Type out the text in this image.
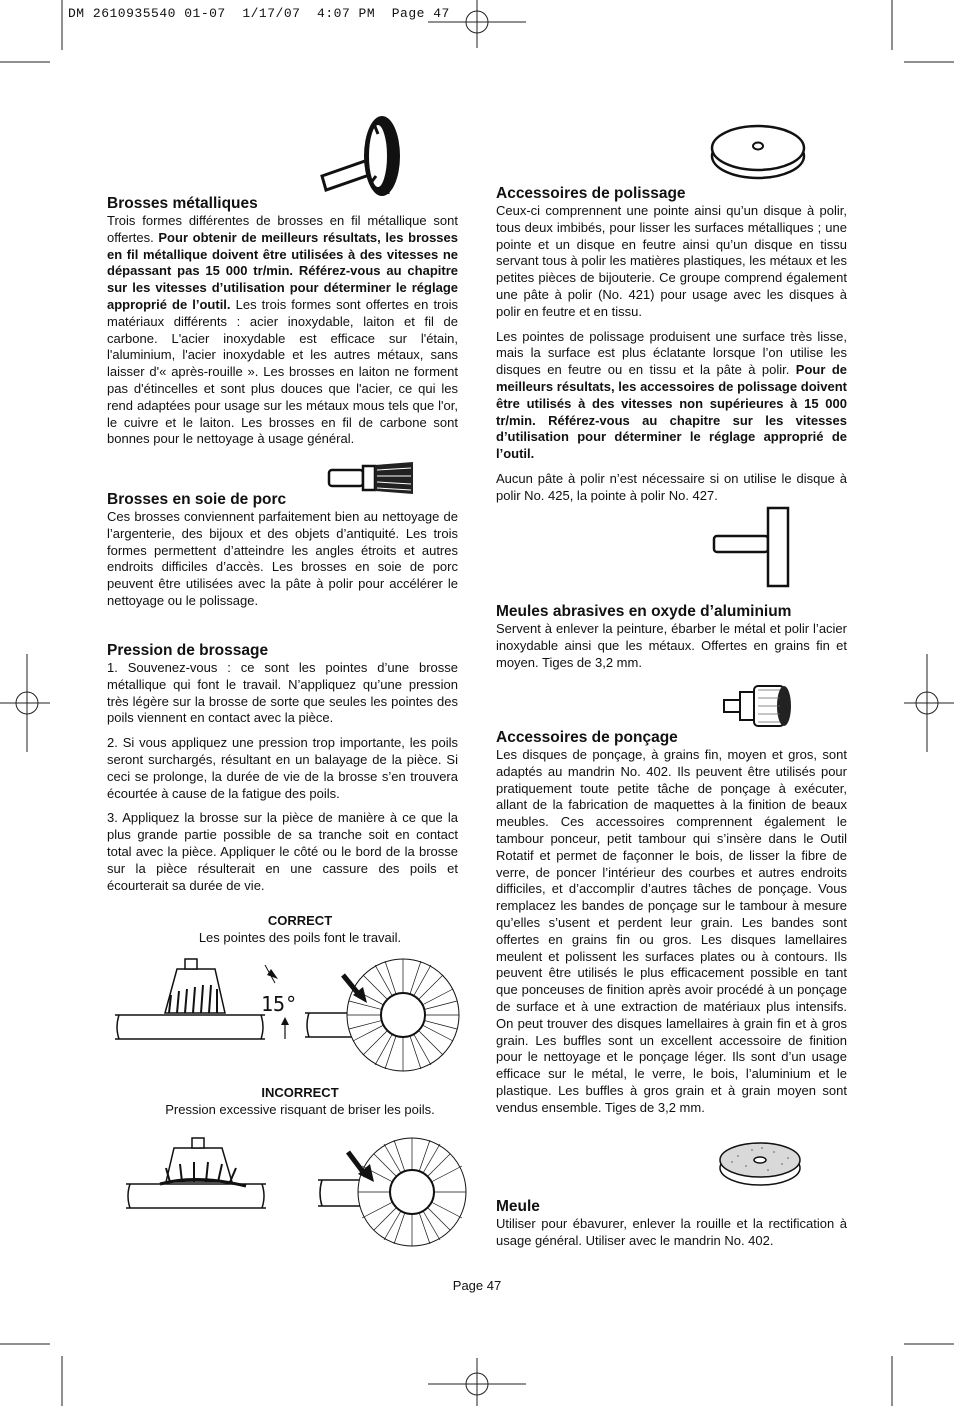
DM 2610935540 01-07  1/17/07  4:07 PM  Page 47
Brosses métalliques

Trois formes différentes de brosses en fil métallique sont offertes. Pour obtenir de meilleurs résultats, les brosses en fil métallique doivent être utilisées à des vitesses ne dépassant pas 15 000 tr/min. Référez-vous au chapitre sur les vitesses d’utilisation pour déterminer le réglage approprié de l’outil. Les trois formes sont offertes en trois matériaux différents : acier inoxydable, laiton et fil de carbone. L'acier inoxydable est efficace sur l'étain, l'aluminium, l'acier inoxydable et les autres métaux, sans laisser d'« après-rouille ». Les brosses en laiton ne forment pas d'étincelles et sont plus douces que l'acier, ce qui les rend adaptées pour usage sur les métaux mous tels que l'or, le cuivre et le laiton. Les brosses en fil de carbone sont bonnes pour le nettoyage à usage général.

Brosses en soie de porc

Ces brosses conviennent parfaitement bien au nettoyage de l’argenterie, des bijoux et des objets d’antiquité. Les trois formes permettent d’atteindre les angles étroits et autres endroits difficiles d’accès. Les brosses en soie de porc peuvent être utilisées avec la pâte à polir pour accélérer le nettoyage ou le polissage.

Pression de brossage

1. Souvenez-vous : ce sont les pointes d’une brosse métallique qui font le travail. N’appliquez qu’une pression très légère sur la brosse de sorte que seules les pointes des poils viennent en contact avec la pièce.

2. Si vous appliquez une pression trop importante, les poils seront surchargés, résultant en un balayage de la pièce. Si ceci se prolonge, la durée de vie de la brosse s’en trouvera écourtée à cause de la fatigue des poils.

3. Appliquez la brosse sur la pièce de manière à ce que la plus grande partie possible de sa tranche soit en contact total avec la pièce. Appliquer le côté ou le bord de la brosse sur la pièce résulterait en une cassure des poils et écourterait sa durée de vie.

CORRECT
Les pointes des poils font le travail.
15°
INCORRECT
Pression excessive risquant de briser les poils.
Accessoires de polissage

Ceux-ci comprennent une pointe ainsi qu’un disque à polir, tous deux imbibés, pour lisser les surfaces métalliques ; une pointe et un disque en feutre ainsi qu’un disque en tissu servant tous à polir les matières plastiques, les métaux et les petites pièces de bijouterie. Ce groupe comprend également une pâte à polir (No. 421) pour usage avec les disques à polir en feutre et en tissu.

Les pointes de polissage produisent une surface très lisse, mais la surface est plus éclatante lorsque l’on utilise les disques en feutre ou en tissu et la pâte à polir. Pour de meilleurs résultats, les accessoires de polissage doivent être utilisés à des vitesses non supérieures à 15 000 tr/min. Référez-vous au chapitre sur les vitesses d’utilisation pour déterminer le réglage approprié de l’outil.

Aucun pâte à polir n’est nécessaire si on utilise le disque à polir No. 425, la pointe à polir No. 427.

Meules abrasives en oxyde d’aluminium

Servent à enlever la peinture, ébarber le métal et polir l’acier inoxydable ainsi que les métaux. Offertes en grains fin et moyen. Tiges de 3,2 mm.

Accessoires de ponçage

Les disques de ponçage, à grains fin, moyen et gros, sont adaptés au mandrin No. 402. Ils peuvent être utilisés pour pratiquement toute petite tâche de ponçage à exécuter, allant de la fabrication de maquettes à la finition de beaux meubles. Ces accessoires comprennent également le tambour ponceur, petit tambour qui s’insère dans le Outil Rotatif et permet de façonner le bois, de lisser la fibre de verre, de poncer l’intérieur des courbes et autres endroits difficiles, et d’accomplir d’autres tâches de ponçage. Vous remplacez les bandes de ponçage sur le tambour à mesure qu’elles s’usent et perdent leur grain. Les bandes sont offertes en grains fin ou gros. Les disques lamellaires meulent et polissent les surfaces plates ou à contours. Ils peuvent être utilisés le plus efficacement possible en tant que ponceuses de finition après avoir procédé à un ponçage de surface et à une extraction de matériaux plus intensifs. On peut trouver des disques lamellaires à grain fin et à gros grain. Les buffles sont un excellent accessoire de finition pour le nettoyage et le ponçage léger. Ils sont d’un usage efficace sur le métal, le verre, le bois, l’aluminium et le plastique. Les buffles à gros grain et à grain moyen sont vendus ensemble. Tiges de 3,2 mm.

Meule

Utiliser pour ébavurer, enlever la rouille et la rectification à usage général. Utiliser avec le mandrin No. 402.

Page 47
